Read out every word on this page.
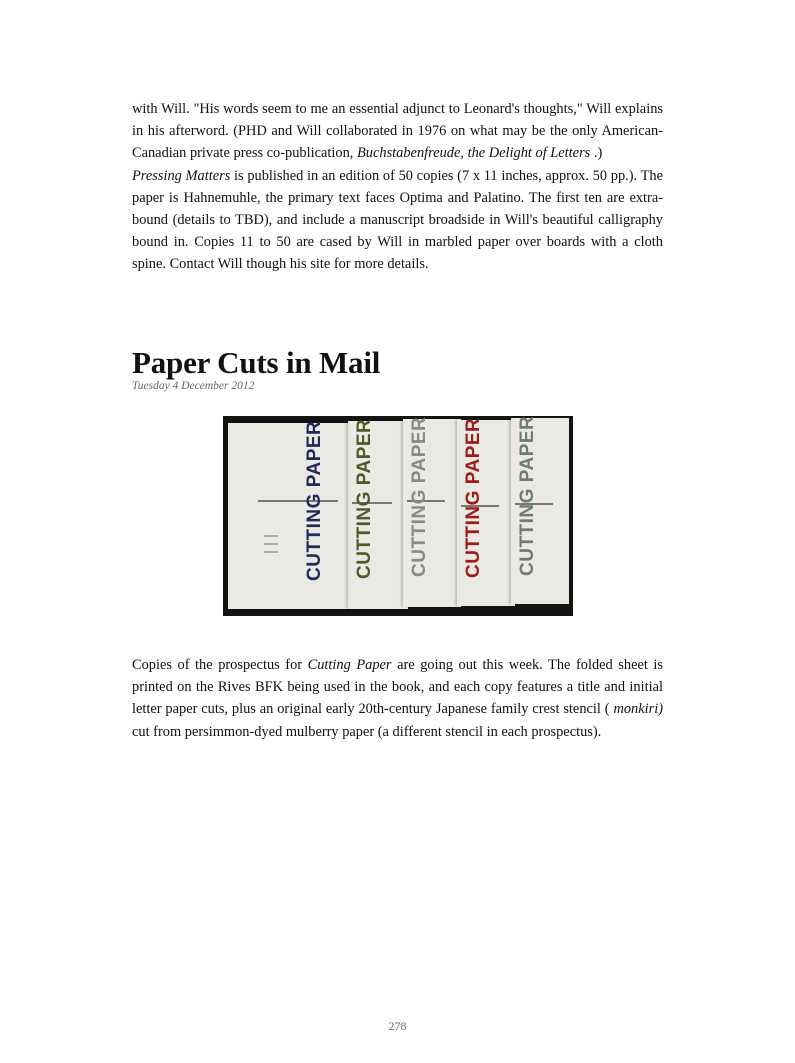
with Will. "His words seem to me an essential adjunct to Leonard's thoughts," Will explains in his afterword. (PHD and Will collaborated in 1976 on what may be the only American-Canadian private press co-publication, Buchstabenfreude, the Delight of Letters .)

Pressing Matters is published in an edition of 50 copies (7 x 11 inches, approx. 50 pp.). The paper is Hahnemuhle, the primary text faces Optima and Palatino. The first ten are extra-bound (details to TBD), and include a manuscript broadside in Will's beautiful calligraphy bound in. Copies 11 to 50 are cased by Will in marbled paper over boards with a cloth spine. Contact Will though his site for more details.

Paper Cuts in Mail
Tuesday 4 December 2012
CUTTING PAPER CUTTING PAPER CUTTING PAPER CUTTING PAPER CUTTING PAPER

Copies of the prospectus for Cutting Paper are going out this week. The folded sheet is printed on the Rives BFK being used in the book, and each copy features a title and initial letter paper cuts, plus an original early 20th-century Japanese family crest stencil ( monkiri) cut from persimmon-dyed mulberry paper (a different stencil in each prospectus).

278
